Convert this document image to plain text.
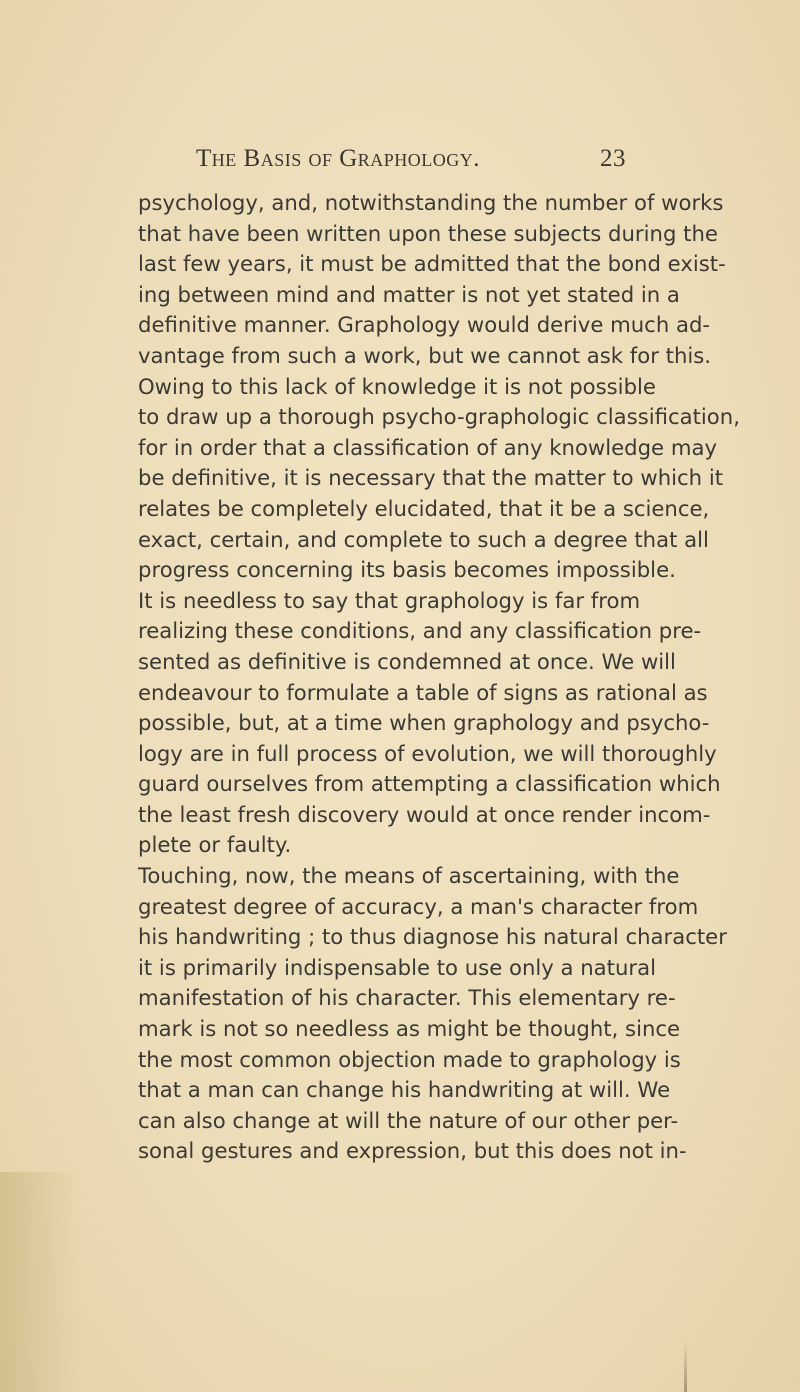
The Basis of Graphology.	23
psychology, and, notwithstanding the number of works
that have been written upon these subjects during the
last few years, it must be admitted that the bond exist-
ing between mind and matter is not yet stated in a
definitive manner. Graphology would derive much ad-
vantage from such a work, but we cannot ask for this.
Owing to this lack of knowledge it is not possible
to draw up a thorough psycho-graphologic classification,
for in order that a classification of any knowledge may
be definitive, it is necessary that the matter to which it
relates be completely elucidated, that it be a science,
exact, certain, and complete to such a degree that all
progress concerning its basis becomes impossible.
It is needless to say that graphology is far from
realizing these conditions, and any classification pre-
sented as definitive is condemned at once. We will
endeavour to formulate a table of signs as rational as
possible, but, at a time when graphology and psycho-
logy are in full process of evolution, we will thoroughly
guard ourselves from attempting a classification which
the least fresh discovery would at once render incom-
plete or faulty.
Touching, now, the means of ascertaining, with the
greatest degree of accuracy, a man's character from
his handwriting ; to thus diagnose his natural character
it is primarily indispensable to use only a natural
manifestation of his character. This elementary re-
mark is not so needless as might be thought, since
the most common objection made to graphology is
that a man can change his handwriting at will. We
can also change at will the nature of our other per-
sonal gestures and expression, but this does not in-
